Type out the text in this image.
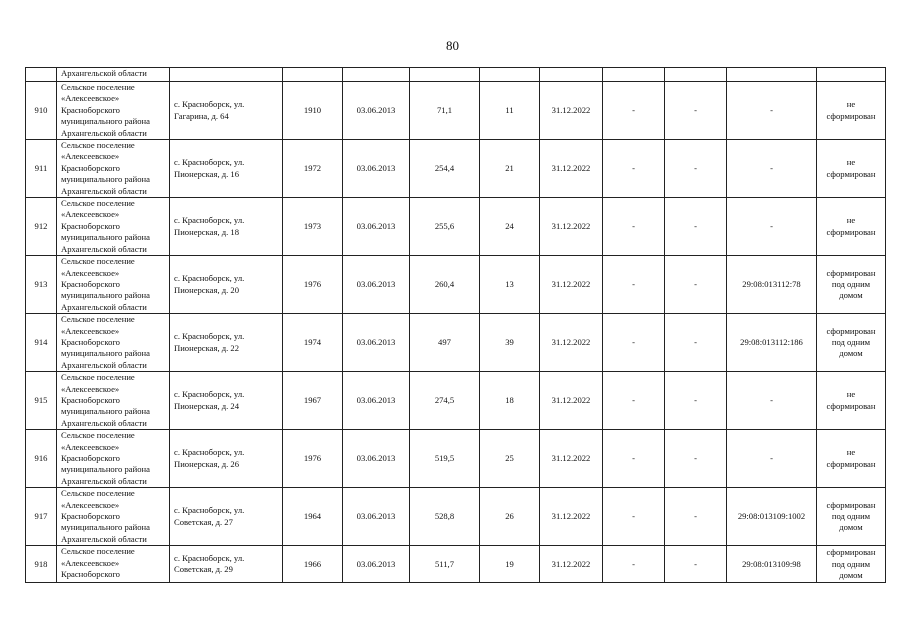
80
	Архангельской области										
910	Сельское поселение
«Алексеевское»
Красноборского
муниципального района
Архангельской области	с. Красноборск, ул.
Гагарина, д. 64	1910	03.06.2013	71,1	11	31.12.2022	-	-	-	не
сформирован

911	Сельское поселение
«Алексеевское»
Красноборского
муниципального района
Архангельской области	с. Красноборск, ул.
Пионерская, д. 16	1972	03.06.2013	254,4	21	31.12.2022	-	-	-	не
сформирован

912	Сельское поселение
«Алексеевское»
Красноборского
муниципального района
Архангельской области	с. Красноборск, ул.
Пионерская, д. 18	1973	03.06.2013	255,6	24	31.12.2022	-	-	-	не
сформирован

913	Сельское поселение
«Алексеевское»
Красноборского
муниципального района
Архангельской области	с. Красноборск, ул.
Пионерская, д. 20	1976	03.06.2013	260,4	13	31.12.2022	-	-	29:08:013112:78	сформирован
под одним
домом

914	Сельское поселение
«Алексеевское»
Красноборского
муниципального района
Архангельской области	с. Красноборск, ул.
Пионерская, д. 22	1974	03.06.2013	497	39	31.12.2022	-	-	29:08:013112:186	сформирован
под одним
домом

915	Сельское поселение
«Алексеевское»
Красноборского
муниципального района
Архангельской области	с. Красноборск, ул.
Пионерская, д. 24	1967	03.06.2013	274,5	18	31.12.2022	-	-	-	не
сформирован

916	Сельское поселение
«Алексеевское»
Красноборского
муниципального района
Архангельской области	с. Красноборск, ул.
Пионерская, д. 26	1976	03.06.2013	519,5	25	31.12.2022	-	-	-	не
сформирован

917	Сельское поселение
«Алексеевское»
Красноборского
муниципального района
Архангельской области	с. Красноборск, ул.
Советская, д. 27	1964	03.06.2013	528,8	26	31.12.2022	-	-	29:08:013109:1002	сформирован
под одним
домом

918	Сельское поселение
«Алексеевское»
Красноборского	с. Красноборск, ул.
Советская, д. 29	1966	03.06.2013	511,7	19	31.12.2022	-	-	29:08:013109:98	сформирован
под одним
домом
